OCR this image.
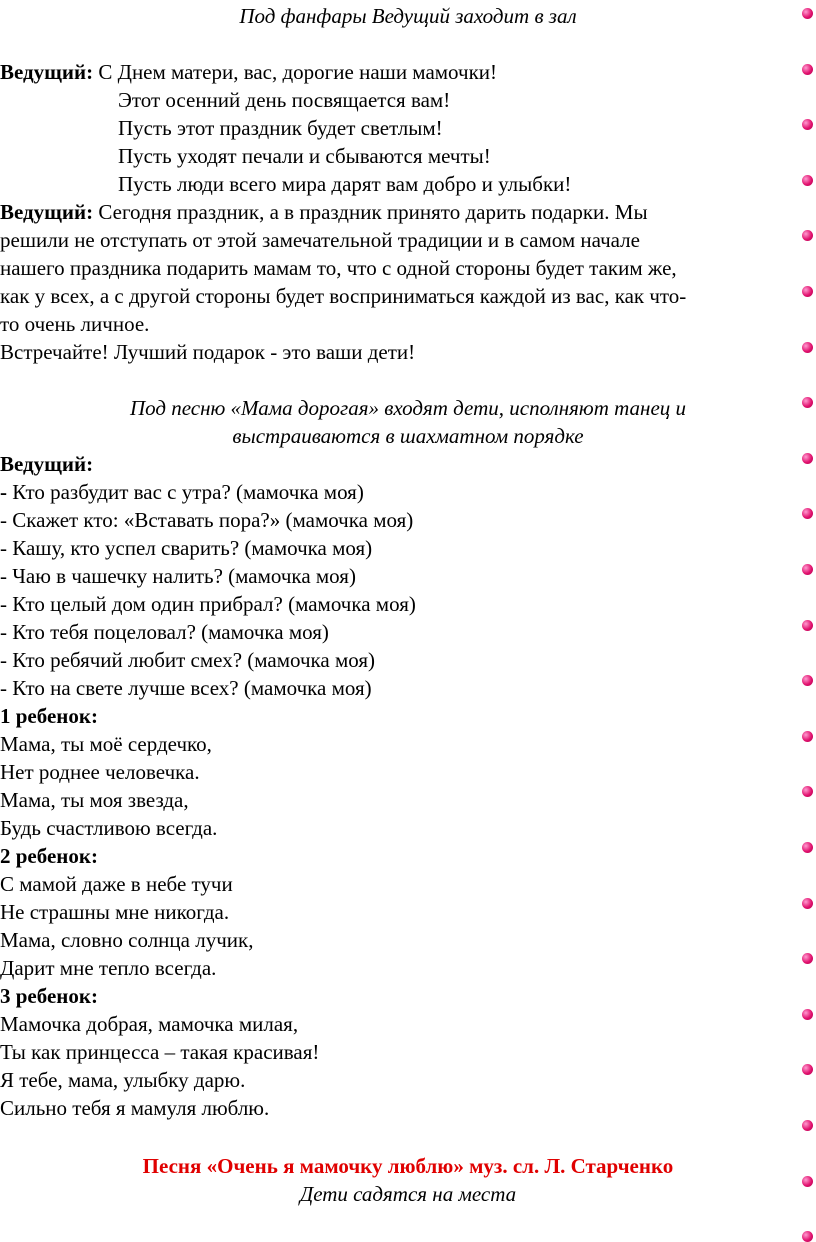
Под фанфары Ведущий заходит в зал
Ведущий: С Днем матери, вас, дорогие наши мамочки!
Этот осенний день посвящается вам!
Пусть этот праздник будет светлым!
Пусть уходят печали и сбываются мечты!
Пусть люди всего мира дарят вам добро и улыбки!
Ведущий: Сегодня праздник, а в праздник принято дарить подарки. Мы
решили не отступать от этой замечательной традиции и в самом начале
нашего праздника подарить мамам то, что с одной стороны будет таким же,
как у всех, а с другой стороны будет восприниматься каждой из вас, как что-
то очень личное.
Встречайте! Лучший подарок - это ваши дети!
Под песню «Мама дорогая» входят дети, исполняют танец и
выстраиваются в шахматном порядке
Ведущий:
- Кто разбудит вас с утра? (мамочка моя)
- Скажет кто: «Вставать пора?» (мамочка моя)
- Кашу, кто успел сварить? (мамочка моя)
- Чаю в чашечку налить? (мамочка моя)
- Кто целый дом один прибрал? (мамочка моя)
- Кто тебя поцеловал? (мамочка моя)
- Кто ребячий любит смех? (мамочка моя)
- Кто на свете лучше всех? (мамочка моя)
1 ребенок:
Мама, ты моё сердечко,
Нет роднее человечка.
Мама, ты моя звезда,
Будь счастливою всегда.
2 ребенок:
С мамой даже в небе тучи
Не страшны мне никогда.
Мама, словно солнца лучик,
Дарит мне тепло всегда.
3 ребенок:
Мамочка добрая, мамочка милая,
Ты как принцесса – такая красивая!
Я тебе, мама, улыбку дарю.
Сильно тебя я мамуля люблю.
Песня «Очень я мамочку люблю» муз. сл. Л. Старченко
Дети садятся на места
